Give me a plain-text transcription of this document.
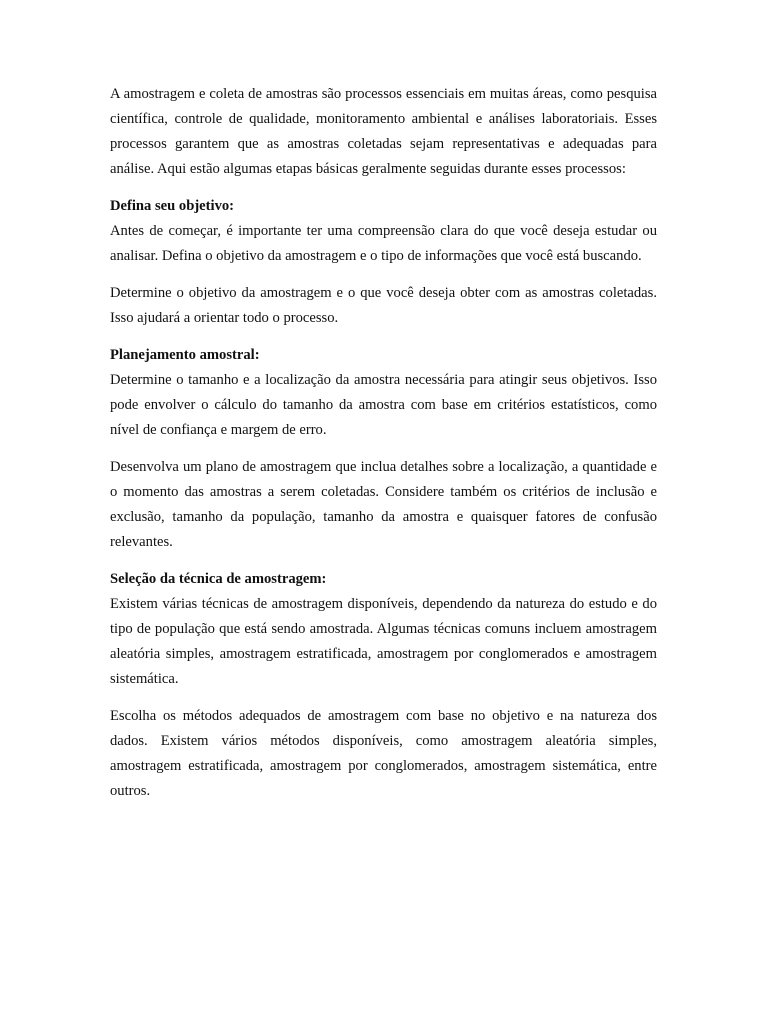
A amostragem e coleta de amostras são processos essenciais em muitas áreas, como pesquisa científica, controle de qualidade, monitoramento ambiental e análises laboratoriais. Esses processos garantem que as amostras coletadas sejam representativas e adequadas para análise. Aqui estão algumas etapas básicas geralmente seguidas durante esses processos:

Defina seu objetivo:

Antes de começar, é importante ter uma compreensão clara do que você deseja estudar ou analisar. Defina o objetivo da amostragem e o tipo de informações que você está buscando.

Determine o objetivo da amostragem e o que você deseja obter com as amostras coletadas. Isso ajudará a orientar todo o processo.

Planejamento amostral:

Determine o tamanho e a localização da amostra necessária para atingir seus objetivos. Isso pode envolver o cálculo do tamanho da amostra com base em critérios estatísticos, como nível de confiança e margem de erro.

Desenvolva um plano de amostragem que inclua detalhes sobre a localização, a quantidade e o momento das amostras a serem coletadas. Considere também os critérios de inclusão e exclusão, tamanho da população, tamanho da amostra e quaisquer fatores de confusão relevantes.

Seleção da técnica de amostragem:

Existem várias técnicas de amostragem disponíveis, dependendo da natureza do estudo e do tipo de população que está sendo amostrada. Algumas técnicas comuns incluem amostragem aleatória simples, amostragem estratificada, amostragem por conglomerados e amostragem sistemática.

Escolha os métodos adequados de amostragem com base no objetivo e na natureza dos dados. Existem vários métodos disponíveis, como amostragem aleatória simples, amostragem estratificada, amostragem por conglomerados, amostragem sistemática, entre outros.
